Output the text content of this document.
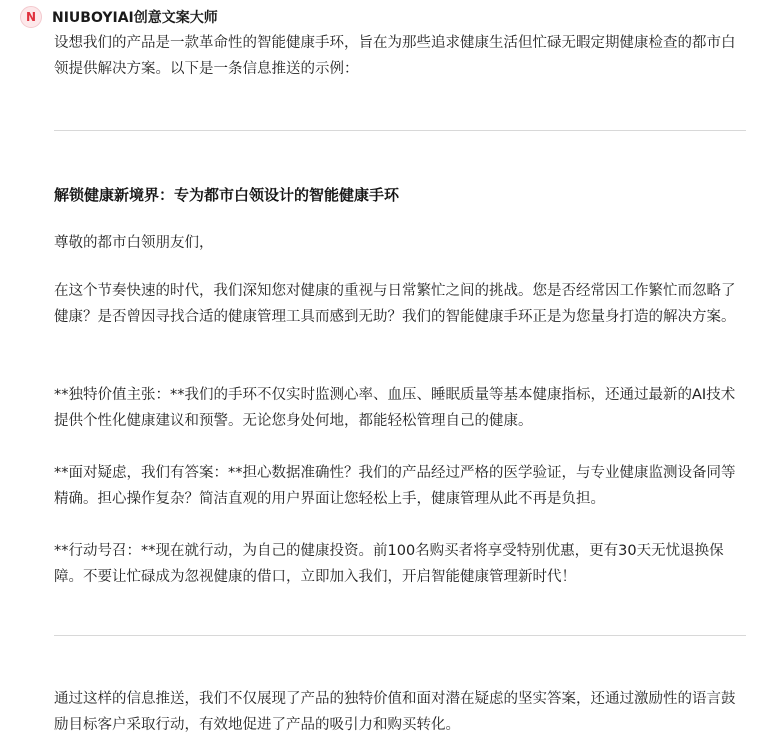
N NIUBOYIAI创意文案大师

设想我们的产品是一款革命性的智能健康手环，旨在为那些追求健康生活但忙碌无暇定期健康检查的都市白领提供解决方案。以下是一条信息推送的示例：

解锁健康新境界：专为都市白领设计的智能健康手环

尊敬的都市白领朋友们，

在这个节奏快速的时代，我们深知您对健康的重视与日常繁忙之间的挑战。您是否经常因工作繁忙而忽略了健康？是否曾因寻找合适的健康管理工具而感到无助？我们的智能健康手环正是为您量身打造的解决方案。

**独特价值主张：**我们的手环不仅实时监测心率、血压、睡眠质量等基本健康指标，还通过最新的AI技术提供个性化健康建议和预警。无论您身处何地，都能轻松管理自己的健康。

**面对疑虑，我们有答案：**担心数据准确性？我们的产品经过严格的医学验证，与专业健康监测设备同等精确。担心操作复杂？简洁直观的用户界面让您轻松上手，健康管理从此不再是负担。

**行动号召：**现在就行动，为自己的健康投资。前100名购买者将享受特别优惠，更有30天无忧退换保障。不要让忙碌成为忽视健康的借口，立即加入我们，开启智能健康管理新时代！

通过这样的信息推送，我们不仅展现了产品的独特价值和面对潜在疑虑的坚实答案，还通过激励性的语言鼓励目标客户采取行动，有效地促进了产品的吸引力和购买转化。
